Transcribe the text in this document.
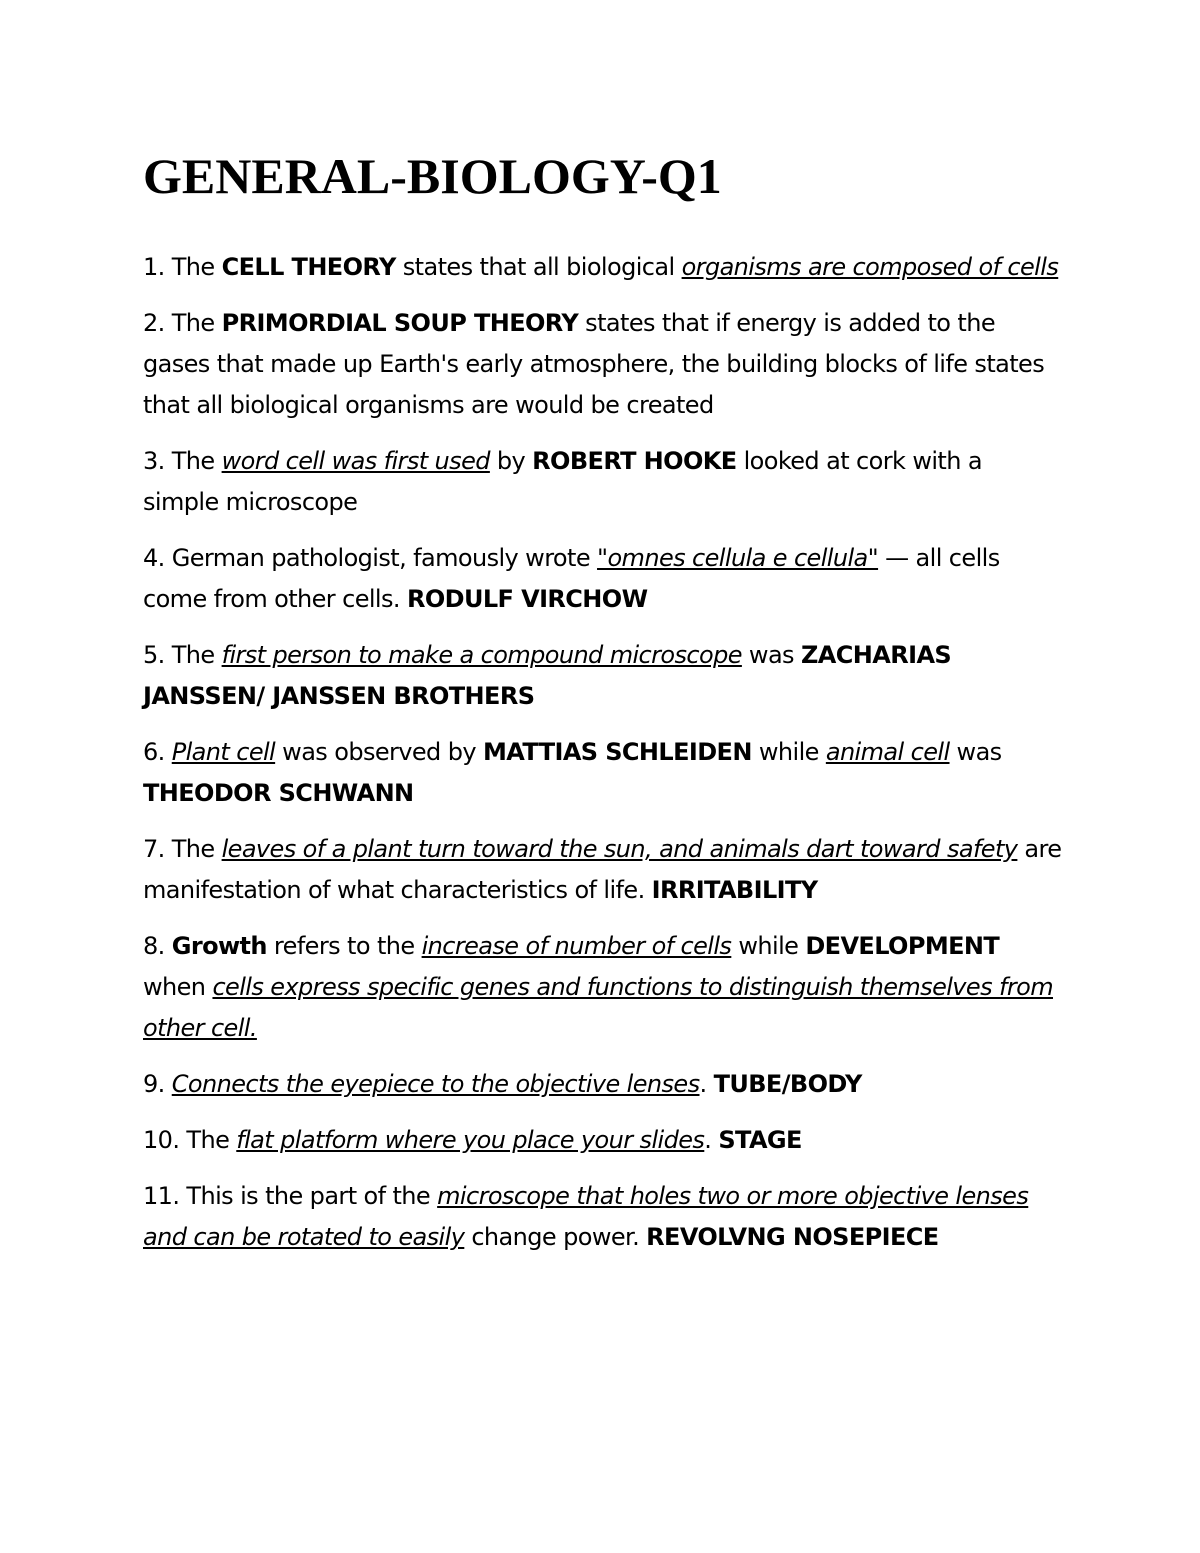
GENERAL-BIOLOGY-Q1

1. The CELL THEORY states that all biological organisms are composed of cells

2. The PRIMORDIAL SOUP THEORY states that if energy is added to the gases that made up Earth's early atmosphere, the building blocks of life states that all biological organisms are would be created

3. The word cell was first used by ROBERT HOOKE looked at cork with a simple microscope

4. German pathologist, famously wrote "omnes cellula e cellula" — all cells come from other cells. RODULF VIRCHOW

5. The first person to make a compound microscope was ZACHARIAS JANSSEN/ JANSSEN BROTHERS

6. Plant cell was observed by MATTIAS SCHLEIDEN while animal cell was THEODOR SCHWANN

7. The leaves of a plant turn toward the sun, and animals dart toward safety are manifestation of what characteristics of life. IRRITABILITY

8. Growth refers to the increase of number of cells while DEVELOPMENT when cells express specific genes and functions to distinguish themselves from other cell.

9. Connects the eyepiece to the objective lenses. TUBE/BODY

10. The flat platform where you place your slides. STAGE

11. This is the part of the microscope that holes two or more objective lenses and can be rotated to easily change power. REVOLVNG NOSEPIECE
